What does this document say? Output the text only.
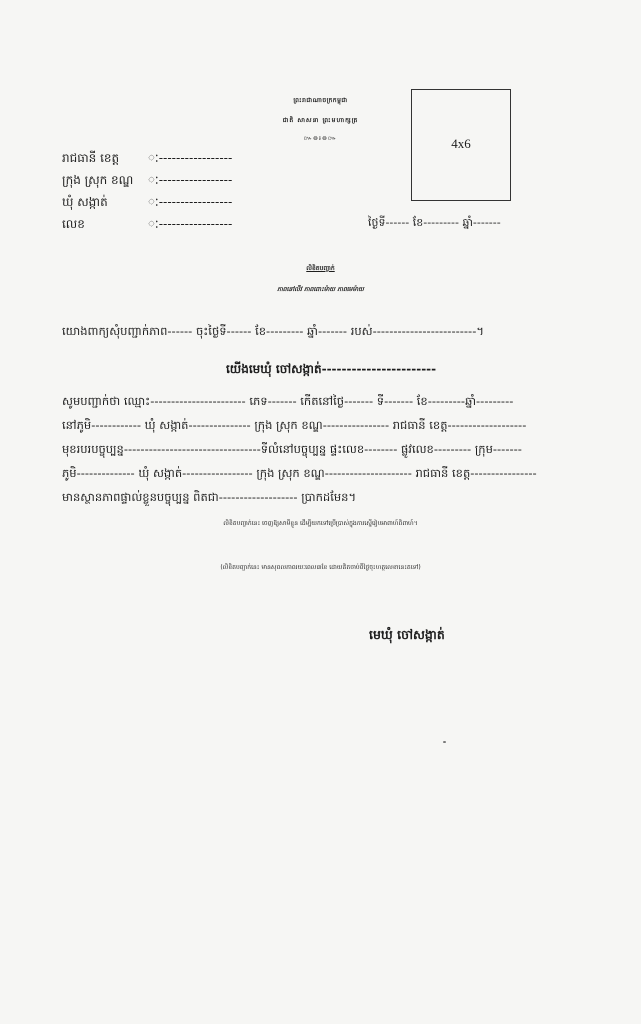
ព្រះរាជាណាចក្រកម្ពុជា
ជាតិ សាសនា ព្រះមហាក្សត្រ
៚៙៛៙៚	4x6
រាជធានី ខេត្ត ៈ-----------------
ក្រុង ស្រុក ខណ្ឌ ៈ-----------------
ឃុំ សង្កាត់	ៈ-----------------
លេខ	ៈ-----------------	ថ្ងៃទី------ ខែ--------- ឆ្នាំ-------
លិខិតបញ្ជាក់
ភាពនៅលីវ ភាពពោះម៉ាយ ភាពមេម៉ាយ
យោងពាក្យសុំបញ្ជាក់ភាព------ ចុះថ្ងៃទី------ ខែ--------- ឆ្នាំ------- របស់-------------------------។
យើងមេឃុំ ចៅសង្កាត់-----------------------
សូមបញ្ជាក់ថា ឈ្មោះ----------------------- ភេទ------- កើតនៅថ្ងៃ------- ទី------- ខែ---------ឆ្នាំ---------
នៅភូមិ------------ ឃុំ សង្កាត់--------------- ក្រុង ស្រុក ខណ្ឌ---------------- រាជធានី ខេត្ត-------------------
មុខរបរបច្ចុប្បន្ន---------------------------------ទីលំនៅបច្ចុប្បន្ន ផ្ទះលេខ-------- ផ្លូវលេខ--------- ក្រុម-------
ភូមិ-------------- ឃុំ សង្កាត់----------------- ក្រុង ស្រុក ខណ្ឌ--------------------- រាជធានី ខេត្ត----------------
មានស្ថានភាពផ្ទាល់ខ្លួនបច្ចុប្បន្ន ពិតជា------------------- ប្រាកដមែន។
លិខិតបញ្ជាក់នេះ ចេញឱ្យសាមីខ្លួន ដើម្បីយកទៅប្រើប្រាស់ក្នុងការស្នើរៀបអាពាហ៍ពិពាហ៍។
(លិខិតបញ្ជាក់នេះ មានសុពលភាពរយៈពេល៣ខែ ដោយគិតចាប់ពីថ្ងៃចុះហត្ថលេខានេះតទៅ)
មេឃុំ ចៅសង្កាត់
